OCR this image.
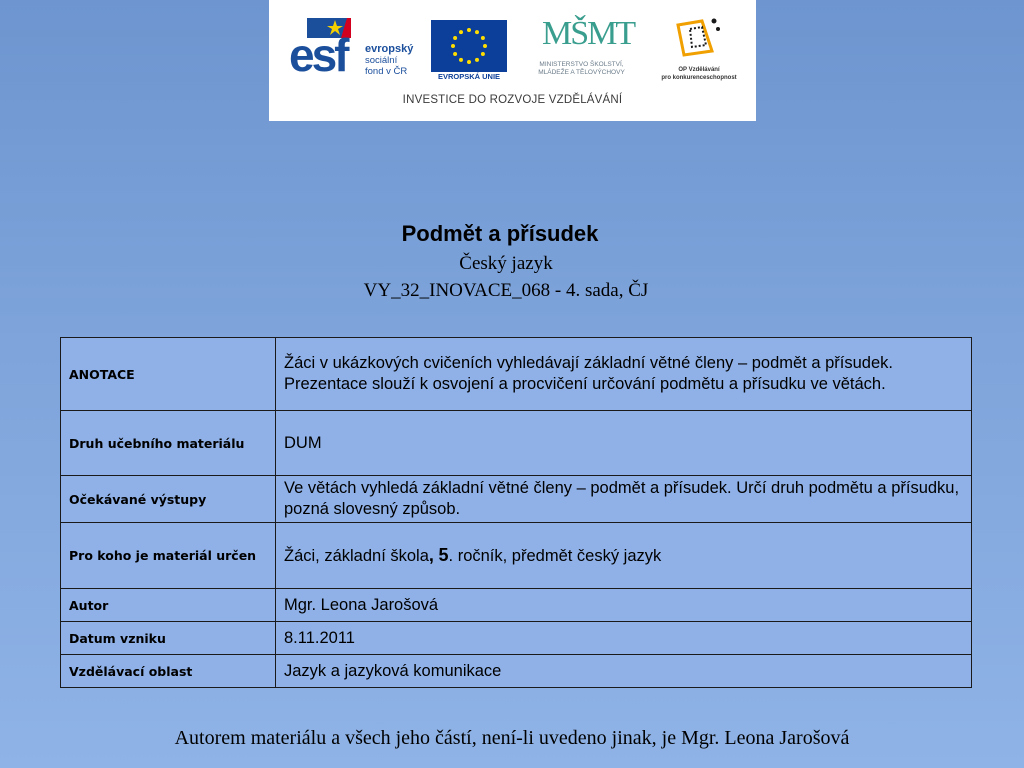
esf	evropský
sociální
fond v ČR	EVROPSKÁ UNIE
MŠMT
MINISTERSTVO ŠKOLSTVÍ,
MLÁDEŽE A TĚLOVÝCHOVY	OP Vzdělávání
pro konkurenceschopnost
INVESTICE DO ROZVOJE VZDĚLÁVÁNÍ
Podmět a přísudek
Český jazyk
VY_32_INOVACE_068 - 4. sada, ČJ
ANOTACE	Žáci v ukázkových cvičeních vyhledávají základní větné členy – podmět a přísudek. Prezentace slouží k osvojení a procvičení určování podmětu a přísudku ve větách.
Druh učebního materiálu	DUM
Očekávané výstupy	Ve větách vyhledá základní větné členy – podmět a přísudek. Určí druh podmětu a přísudku, pozná slovesný způsob.
Pro koho je materiál určen	Žáci, základní škola, 5. ročník, předmět český jazyk
Autor	Mgr. Leona Jarošová
Datum vzniku	8.11.2011
Vzdělávací oblast	Jazyk a jazyková komunikace
Autorem materiálu a všech jeho částí, není-li uvedeno jinak, je Mgr. Leona Jarošová
